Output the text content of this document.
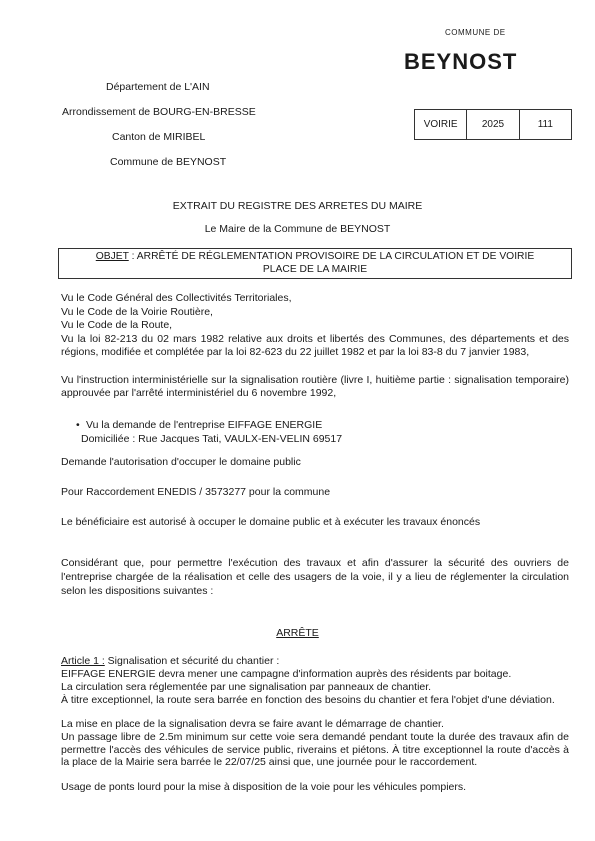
COMMUNE DE
BEYNOST
Département de L'AIN
Arrondissement de BOURG-EN-BRESSE
Canton de MIRIBEL
Commune de BEYNOST
VOIRIE	2025	111
EXTRAIT DU REGISTRE DES ARRETES DU MAIRE
Le Maire de la Commune de BEYNOST
OBJET : ARRÊTÉ DE RÉGLEMENTATION PROVISOIRE DE LA CIRCULATION ET DE VOIRIE
PLACE DE LA MAIRIE
Vu le Code Général des Collectivités Territoriales,
Vu le Code de la Voirie Routière,
Vu le Code de la Route,
Vu la loi 82-213 du 02 mars 1982 relative aux droits et libertés des Communes, des départements et des régions, modifiée et complétée par la loi 82-623 du 22 juillet 1982 et par la loi 83-8 du 7 janvier 1983,
Vu l'instruction interministérielle sur la signalisation routière (livre I, huitième partie : signalisation temporaire) approuvée par l'arrêté interministériel du 6 novembre 1992,
• Vu la demande de l'entreprise EIFFAGE ENERGIE
Domiciliée : Rue Jacques Tati, VAULX-EN-VELIN 69517
Demande l'autorisation d'occuper le domaine public
Pour Raccordement ENEDIS / 3573277 pour la commune
Le bénéficiaire est autorisé à occuper le domaine public et à exécuter les travaux énoncés
Considérant que, pour permettre l'exécution des travaux et afin d'assurer la sécurité des ouvriers de l'entreprise chargée de la réalisation et celle des usagers de la voie, il y a lieu de réglementer la circulation selon les dispositions suivantes :
ARRÊTE
Article 1 : Signalisation et sécurité du chantier :
EIFFAGE ENERGIE devra mener une campagne d'information auprès des résidents par boitage.
La circulation sera réglementée par une signalisation par panneaux de chantier.
À titre exceptionnel, la route sera barrée en fonction des besoins du chantier et fera l'objet d'une déviation.
La mise en place de la signalisation devra se faire avant le démarrage de chantier.
Un passage libre de 2.5m minimum sur cette voie sera demandé pendant toute la durée des travaux afin de permettre l'accès des véhicules de service public, riverains et piétons. À titre exceptionnel la route d'accès à la place de la Mairie sera barrée le 22/07/25 ainsi que, une journée pour le raccordement.
Usage de ponts lourd pour la mise à disposition de la voie pour les véhicules pompiers.
